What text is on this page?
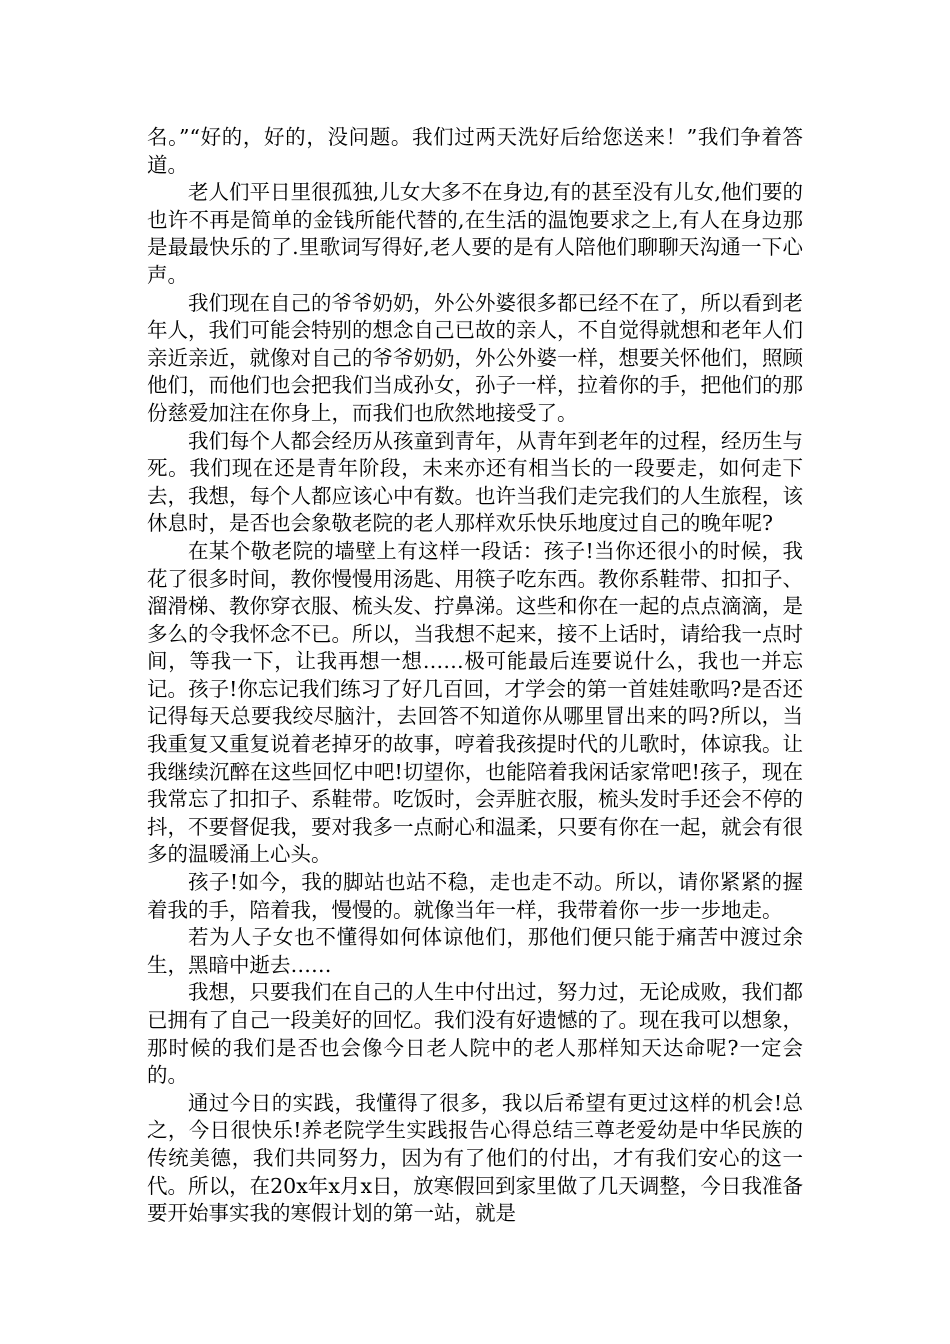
名。”“好的，好的，没问题。我们过两天洗好后给您送来！”我们争着答道。

老人们平日里很孤独,儿女大多不在身边,有的甚至没有儿女,他们要的也许不再是简单的金钱所能代替的,在生活的温饱要求之上,有人在身边那是最最快乐的了.里歌词写得好,老人要的是有人陪他们聊聊天沟通一下心声。

我们现在自己的爷爷奶奶，外公外婆很多都已经不在了，所以看到老年人，我们可能会特别的想念自己已故的亲人，不自觉得就想和老年人们亲近亲近，就像对自己的爷爷奶奶，外公外婆一样，想要关怀他们，照顾他们，而他们也会把我们当成孙女，孙子一样，拉着你的手，把他们的那份慈爱加注在你身上，而我们也欣然地接受了。

我们每个人都会经历从孩童到青年，从青年到老年的过程，经历生与死。我们现在还是青年阶段，未来亦还有相当长的一段要走，如何走下去，我想，每个人都应该心中有数。也许当我们走完我们的人生旅程，该休息时，是否也会象敬老院的老人那样欢乐快乐地度过自己的晚年呢?

在某个敬老院的墙壁上有这样一段话：孩子!当你还很小的时候，我花了很多时间，教你慢慢用汤匙、用筷子吃东西。教你系鞋带、扣扣子、溜滑梯、教你穿衣服、梳头发、拧鼻涕。这些和你在一起的点点滴滴，是多么的令我怀念不已。所以，当我想不起来，接不上话时，请给我一点时间，等我一下，让我再想一想……极可能最后连要说什么，我也一并忘记。孩子!你忘记我们练习了好几百回，才学会的第一首娃娃歌吗?是否还记得每天总要我绞尽脑汁，去回答不知道你从哪里冒出来的吗?所以，当我重复又重复说着老掉牙的故事，哼着我孩提时代的儿歌时，体谅我。让我继续沉醉在这些回忆中吧!切望你，也能陪着我闲话家常吧!孩子，现在我常忘了扣扣子、系鞋带。吃饭时，会弄脏衣服，梳头发时手还会不停的抖，不要督促我，要对我多一点耐心和温柔，只要有你在一起，就会有很多的温暖涌上心头。

孩子!如今，我的脚站也站不稳，走也走不动。所以，请你紧紧的握着我的手，陪着我，慢慢的。就像当年一样，我带着你一步一步地走。

若为人子女也不懂得如何体谅他们，那他们便只能于痛苦中渡过余生，黑暗中逝去……

我想，只要我们在自己的人生中付出过，努力过，无论成败，我们都已拥有了自己一段美好的回忆。我们没有好遗憾的了。现在我可以想象，那时候的我们是否也会像今日老人院中的老人那样知天达命呢?一定会的。

通过今日的实践，我懂得了很多，我以后希望有更过这样的机会!总之，今日很快乐!养老院学生实践报告心得总结三尊老爱幼是中华民族的传统美德，我们共同努力，因为有了他们的付出，才有我们安心的这一代。所以，在20x年x月x日，放寒假回到家里做了几天调整，今日我准备要开始事实我的寒假计划的第一站，就是
